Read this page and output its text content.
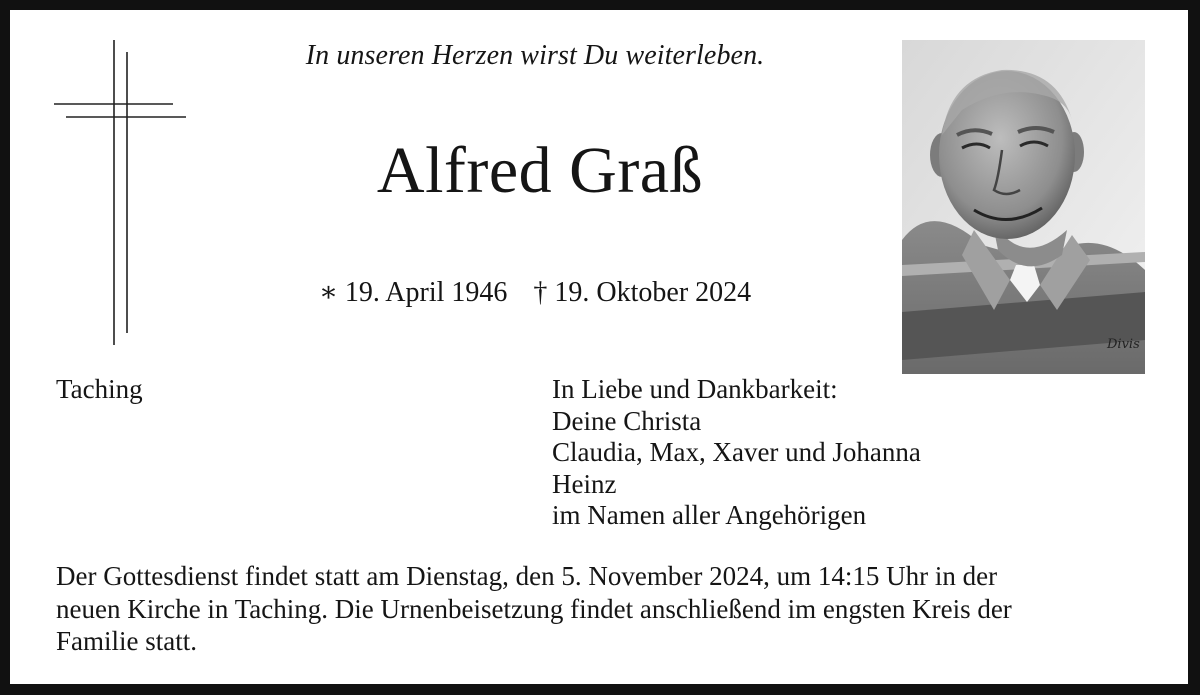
In unseren Herzen wirst Du weiterleben.
Alfred Graß
∗ 19. April 1946 † 19. Oktober 2024
Divis
Taching	In Liebe und Dankbarkeit:
Deine Christa
Claudia, Max, Xaver und Johanna
Heinz
im Namen aller Angehörigen
Der Gottesdienst findet statt am Dienstag, den 5. November 2024, um 14:15 Uhr in der
neuen Kirche in Taching. Die Urnenbeisetzung findet anschließend im engsten Kreis der
Familie statt.
